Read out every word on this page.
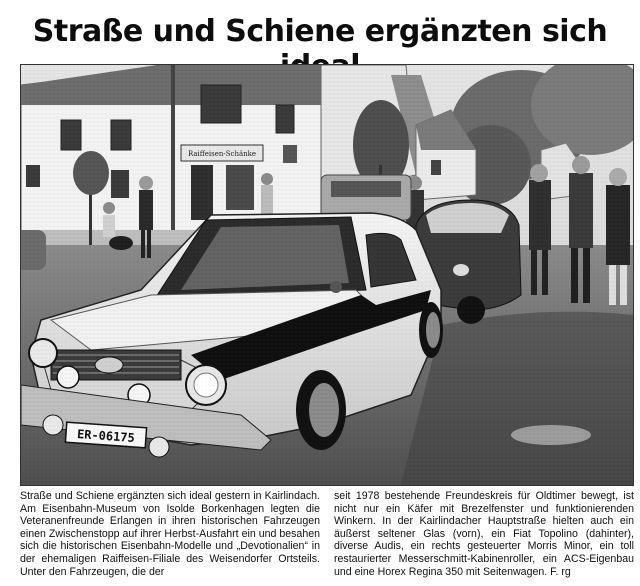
Straße und Schiene ergänzten sich
Raiffeisen-Schänke
ER-06175
Straße und Schiene ergänzten sich ideal gestern in Kairlindach. Am Eisenbahn-Museum von Isolde Borkenhagen legten die Veteranenfreunde Erlangen in ihren historischen Fahrzeugen einen Zwischenstopp auf ihrer Herbst-Ausfahrt ein und besahen sich die historischen Eisenbahn-Modelle und „Devotionalien“ in der ehemaligen Raiffeisen-Filiale des Weisendorfer Ortsteils. Unter den Fahrzeugen, die der
seit 1978 bestehende Freundeskreis für Oldtimer bewegt, ist nicht nur ein Käfer mit Brezelfenster und funktionierenden Winkern. In der Kairlindacher Hauptstraße hielten auch ein äußerst seltener Glas (vorn), ein Fiat Topolino (dahinter), diverse Audis, ein rechts gesteuerter Morris Minor, ein toll restaurierter Messerschmitt-Kabinenroller, ein ACS-Eigenbau und eine Horex Regina 350 mit Seitenwagen. F. rg
